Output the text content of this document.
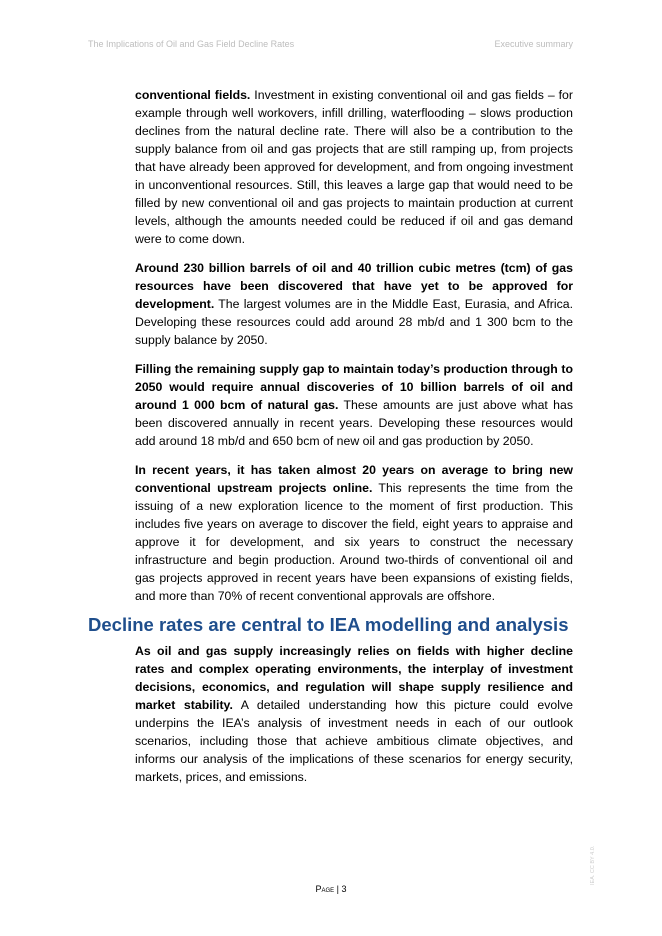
The Implications of Oil and Gas Field Decline Rates	Executive summary

conventional fields. Investment in existing conventional oil and gas fields – for example through well workovers, infill drilling, waterflooding – slows production declines from the natural decline rate. There will also be a contribution to the supply balance from oil and gas projects that are still ramping up, from projects that have already been approved for development, and from ongoing investment in unconventional resources. Still, this leaves a large gap that would need to be filled by new conventional oil and gas projects to maintain production at current levels, although the amounts needed could be reduced if oil and gas demand were to come down.

Around 230 billion barrels of oil and 40 trillion cubic metres (tcm) of gas resources have been discovered that have yet to be approved for development. The largest volumes are in the Middle East, Eurasia, and Africa. Developing these resources could add around 28 mb/d and 1 300 bcm to the supply balance by 2050.

Filling the remaining supply gap to maintain today’s production through to 2050 would require annual discoveries of 10 billion barrels of oil and around 1 000 bcm of natural gas. These amounts are just above what has been discovered annually in recent years. Developing these resources would add around 18 mb/d and 650 bcm of new oil and gas production by 2050.

In recent years, it has taken almost 20 years on average to bring new conventional upstream projects online. This represents the time from the issuing of a new exploration licence to the moment of first production. This includes five years on average to discover the field, eight years to appraise and approve it for development, and six years to construct the necessary infrastructure and begin production. Around two-thirds of conventional oil and gas projects approved in recent years have been expansions of existing fields, and more than 70% of recent conventional approvals are offshore.

Decline rates are central to IEA modelling and analysis

As oil and gas supply increasingly relies on fields with higher decline rates and complex operating environments, the interplay of investment decisions, economics, and regulation will shape supply resilience and market stability. A detailed understanding how this picture could evolve underpins the IEA’s analysis of investment needs in each of our outlook scenarios, including those that achieve ambitious climate objectives, and informs our analysis of the implications of these scenarios for energy security, markets, prices, and emissions.

Page | 3
IEA. CC BY 4.0.
